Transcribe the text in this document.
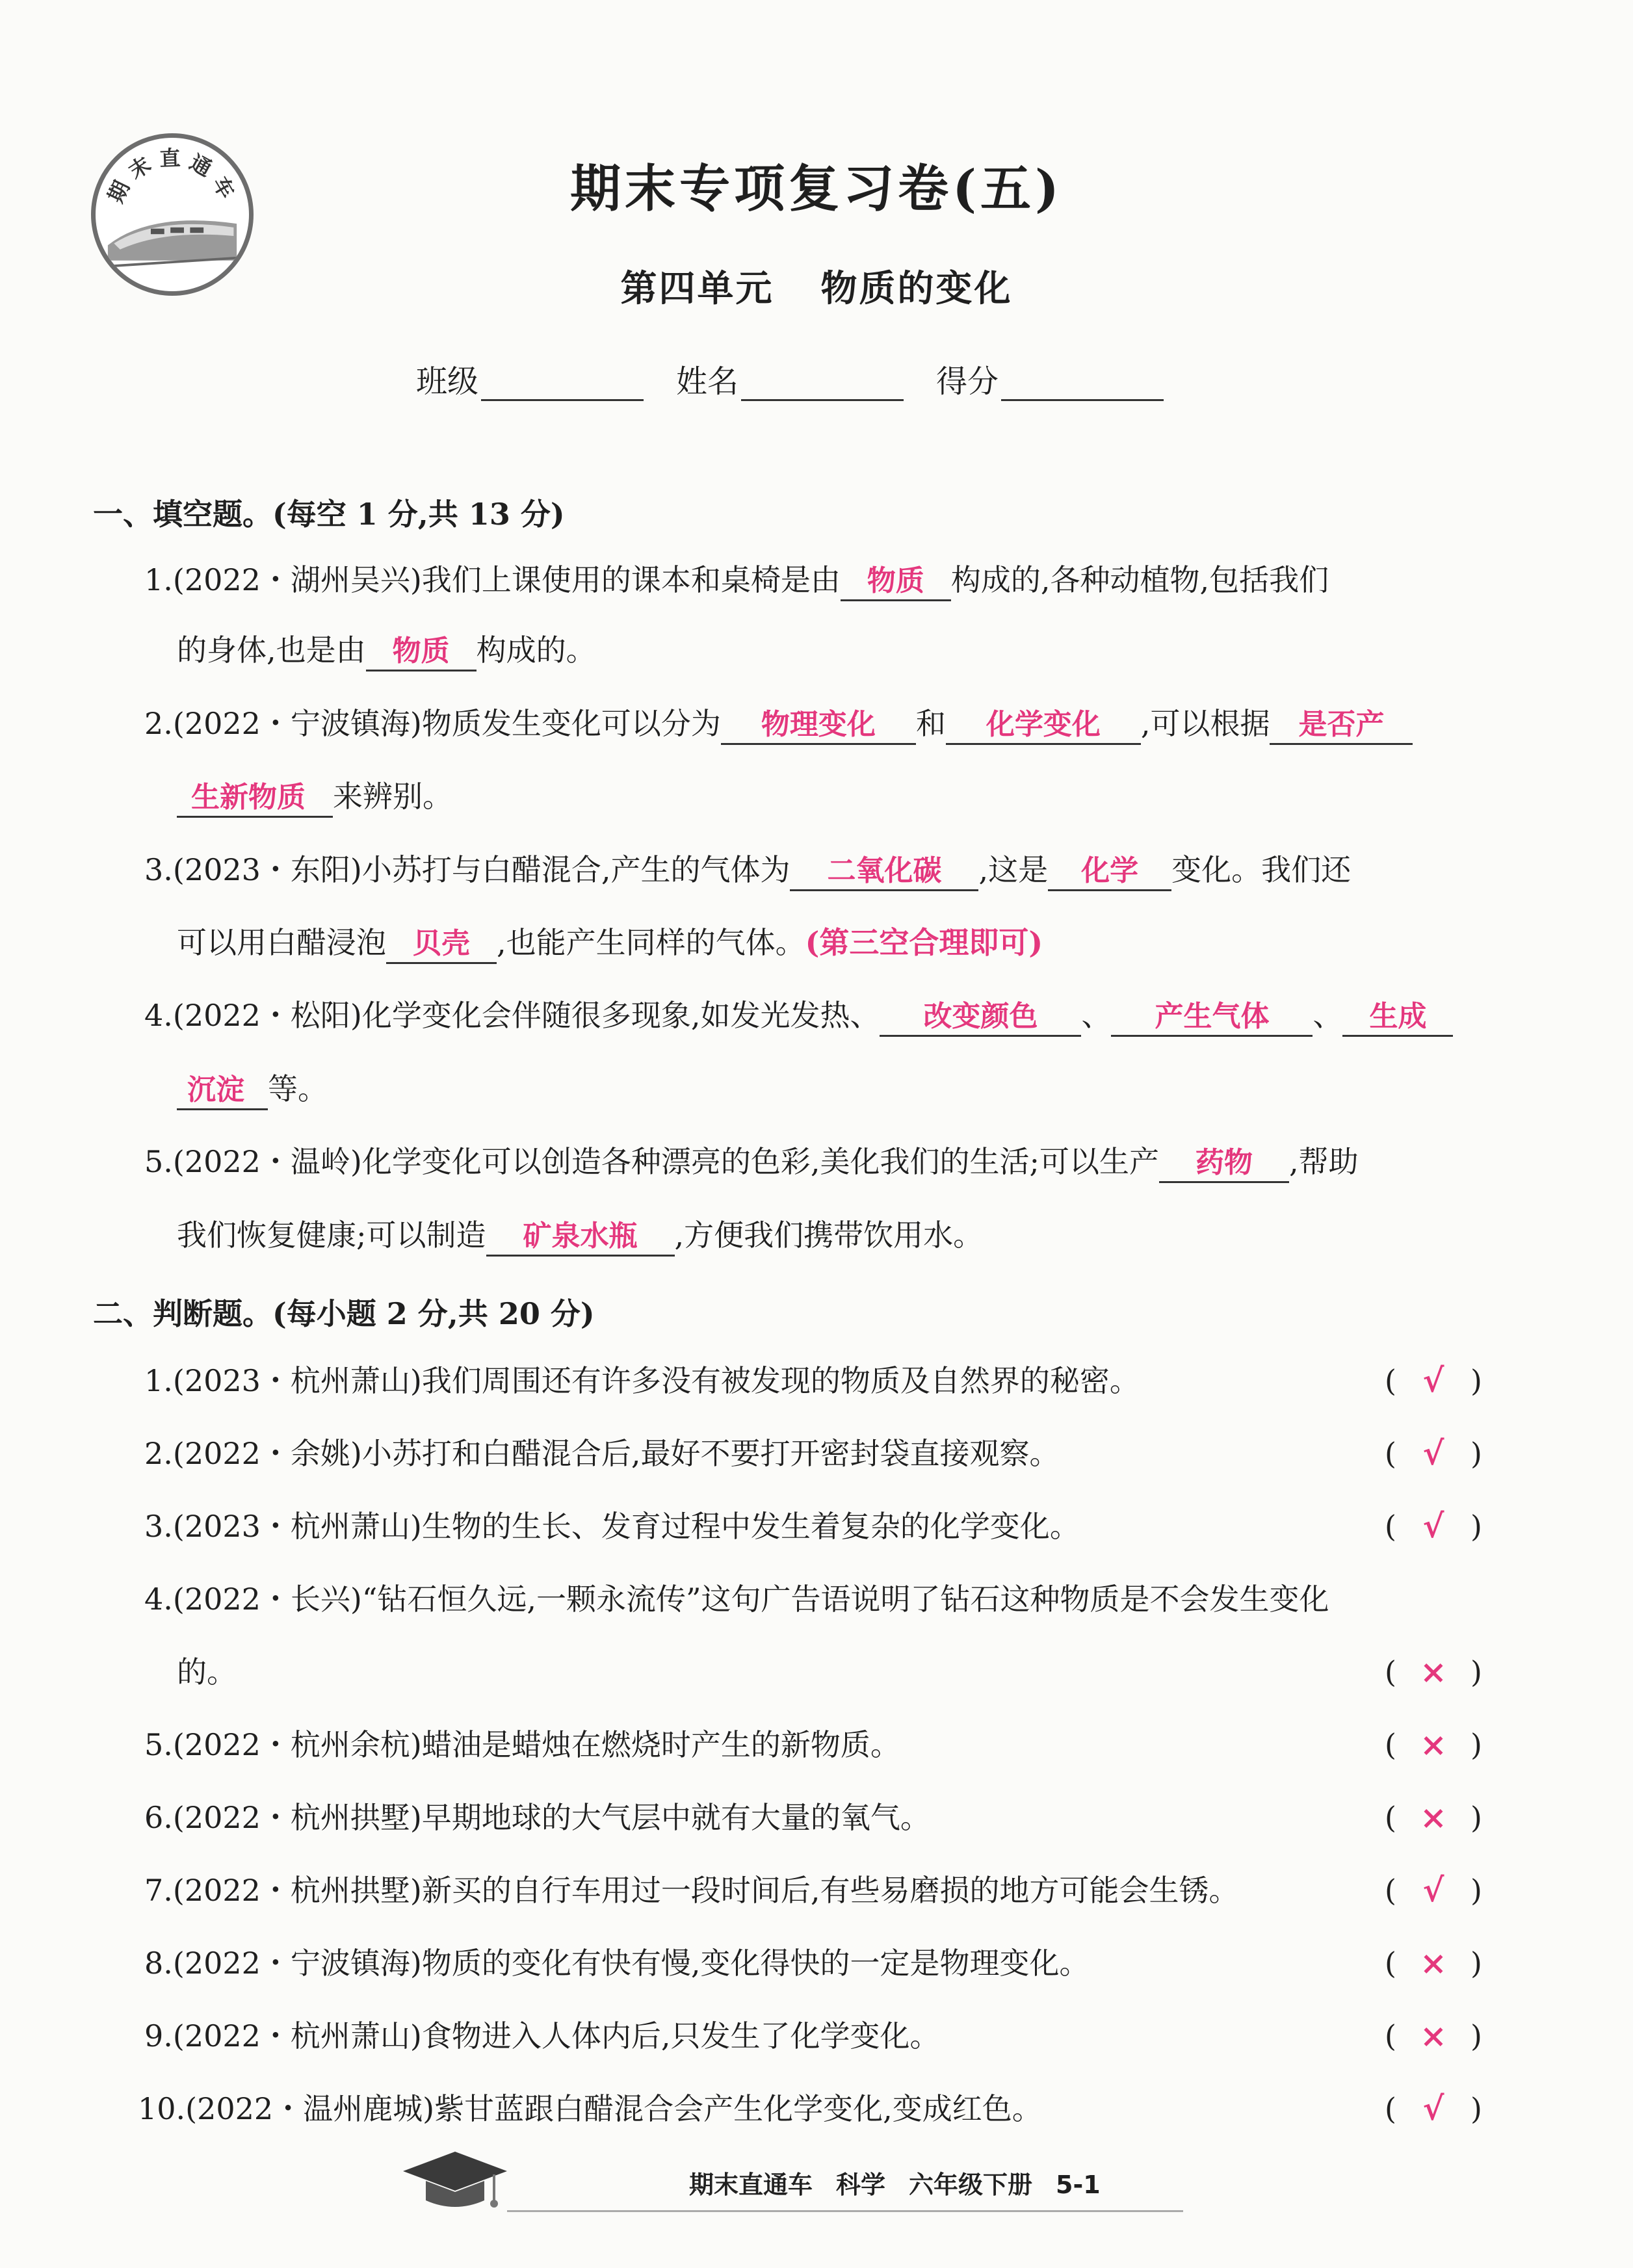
期 末 直 通 车	期末专项复习卷(五)
第四单元 物质的变化
班级	姓名	得分
一、填空题。(每空 1 分,共 13 分)
1.(2022・湖州吴兴)我们上课使用的课本和桌椅是由 物质 构成的,各种动植物,包括我们
的身体,也是由 物质 构成的。
2.(2022・宁波镇海)物质发生变化可以分为 物理变化 和 化学变化 ,可以根据 是否产
生新物质 来辨别。
3.(2023・东阳)小苏打与白醋混合,产生的气体为 二氧化碳 ,这是 化学 变化。我们还
可以用白醋浸泡 贝壳 ,也能产生同样的气体。(第三空合理即可)
4.(2022・松阳)化学变化会伴随很多现象,如发光发热、 改变颜色 、 产生气体 、 生成
沉淀 等。
5.(2022・温岭)化学变化可以创造各种漂亮的色彩,美化我们的生活;可以生产 药物 ,帮助
我们恢复健康;可以制造 矿泉水瓶 ,方便我们携带饮用水。
二、判断题。(每小题 2 分,共 20 分)
1.(2023・杭州萧山)我们周围还有许多没有被发现的物质及自然界的秘密。	( √ )
2.(2022・余姚)小苏打和白醋混合后,最好不要打开密封袋直接观察。	( √ )
3.(2023・杭州萧山)生物的生长、发育过程中发生着复杂的化学变化。	( √ )
4.(2022・长兴)“钻石恒久远,一颗永流传”这句广告语说明了钻石这种物质是不会发生变化
的。	( × )
5.(2022・杭州余杭)蜡油是蜡烛在燃烧时产生的新物质。	( × )
6.(2022・杭州拱墅)早期地球的大气层中就有大量的氧气。	( × )
7.(2022・杭州拱墅)新买的自行车用过一段时间后,有些易磨损的地方可能会生锈。	( √ )
8.(2022・宁波镇海)物质的变化有快有慢,变化得快的一定是物理变化。	( × )
9.(2022・杭州萧山)食物进入人体内后,只发生了化学变化。	( × )
10.(2022・温州鹿城)紫甘蓝跟白醋混合会产生化学变化,变成红色。	( √ )
期末直通车 科学 六年级下册 5-1
